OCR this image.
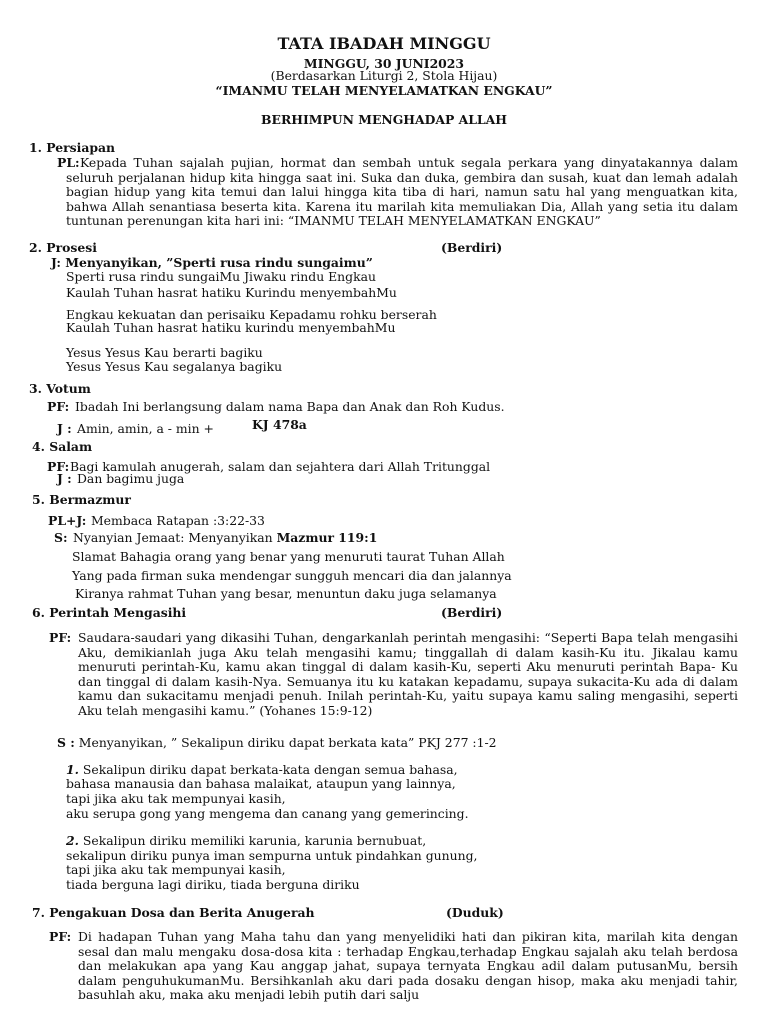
TATA IBADAH MINGGU
MINGGU, 30 JUNI2023
(Berdasarkan Liturgi 2, Stola Hijau)
“IMANMU TELAH MENYELAMATKAN ENGKAU”
BERHIMPUN MENGHADAP ALLAH
1. Persiapan
PL: Kepada Tuhan sajalah pujian, hormat dan sembah untuk segala perkara yang dinyatakannya dalam seluruh perjalanan hidup kita hingga saat ini. Suka dan duka, gembira dan susah, kuat dan lemah adalah bagian hidup yang kita temui dan lalui hingga kita tiba di hari, namun satu hal yang menguatkan kita, bahwa Allah senantiasa beserta kita. Karena itu marilah kita memuliakan Dia, Allah yang setia itu dalam tuntunan perenungan kita hari ini: “IMANMU TELAH MENYELAMATKAN ENGKAU”
2. Prosesi	(Berdiri)
J: Menyanyikan, ”Sperti rusa rindu sungaimu”
Sperti rusa rindu sungaiMu Jiwaku rindu Engkau
Kaulah Tuhan hasrat hatiku Kurindu menyembahMu
Engkau kekuatan dan perisaiku Kepadamu rohku berserah
Kaulah Tuhan hasrat hatiku kurindu menyembahMu
Yesus Yesus Kau berarti bagiku
Yesus Yesus Kau segalanya bagiku
3. Votum
PF: Ibadah Ini berlangsung dalam nama Bapa dan Anak dan Roh Kudus.
J : Amin, amin, a - min +	KJ 478a
4. Salam
PF: Bagi kamulah anugerah, salam dan sejahtera dari Allah Tritunggal
J : Dan bagimu juga
5. Bermazmur
PL+J: Membaca Ratapan :3:22-33
S: Nyanyian Jemaat: Menyanyikan Mazmur 119:1
Slamat Bahagia orang yang benar yang menuruti taurat Tuhan Allah
Yang pada firman suka mendengar sungguh mencari dia dan jalannya
Kiranya rahmat Tuhan yang besar, menuntun daku juga selamanya
6. Perintah Mengasihi	(Berdiri)
PF: Saudara-saudari yang dikasihi Tuhan, dengarkanlah perintah mengasihi: “Seperti Bapa telah mengasihi Aku, demikianlah juga Aku telah mengasihi kamu; tinggallah di dalam kasih-Ku itu. Jikalau kamu menuruti perintah-Ku, kamu akan tinggal di dalam kasih-Ku, seperti Aku menuruti perintah Bapa- Ku dan tinggal di dalam kasih-Nya. Semuanya itu ku katakan kepadamu, supaya sukacita-Ku ada di dalam kamu dan sukacitamu menjadi penuh. Inilah perintah-Ku, yaitu supaya kamu saling mengasihi, seperti Aku telah mengasihi kamu.” (Yohanes 15:9-12)
S : Menyanyikan, ” Sekalipun diriku dapat berkata kata” PKJ 277 :1-2
1. Sekalipun diriku dapat berkata-kata dengan semua bahasa,
bahasa manausia dan bahasa malaikat, ataupun yang lainnya,
tapi jika aku tak mempunyai kasih,
aku serupa gong yang mengema dan canang yang gemerincing.
2. Sekalipun diriku memiliki karunia, karunia bernubuat,
sekalipun diriku punya iman sempurna untuk pindahkan gunung,
tapi jika aku tak mempunyai kasih,
tiada berguna lagi diriku, tiada berguna diriku
7. Pengakuan Dosa dan Berita Anugerah	(Duduk)
PF: Di hadapan Tuhan yang Maha tahu dan yang menyelidiki hati dan pikiran kita, marilah kita dengan sesal dan malu mengaku dosa-dosa kita : terhadap Engkau,terhadap Engkau sajalah aku telah berdosa dan melakukan apa yang Kau anggap jahat, supaya ternyata Engkau adil dalam putusanMu, bersih dalam penguhukumanMu. Bersihkanlah aku dari pada dosaku dengan hisop, maka aku menjadi tahir, basuhlah aku, maka aku menjadi lebih putih dari salju
